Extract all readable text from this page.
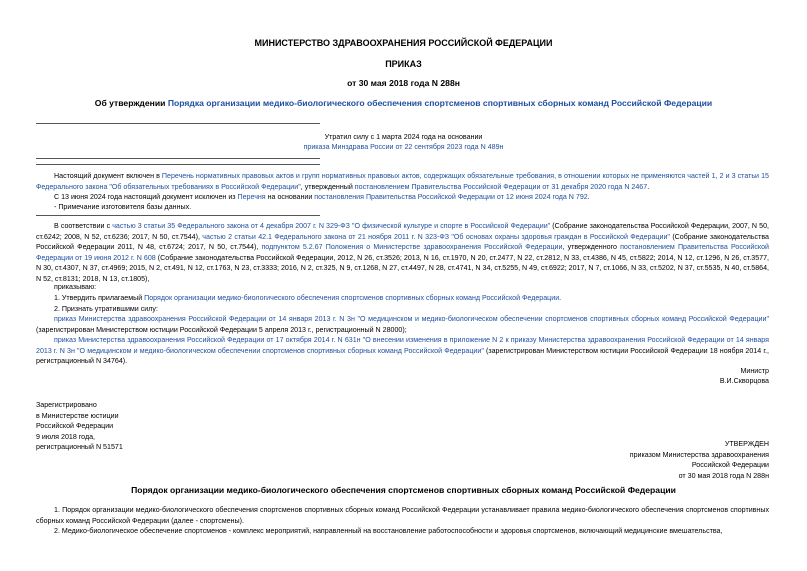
МИНИСТЕРСТВО ЗДРАВООХРАНЕНИЯ РОССИЙСКОЙ ФЕДЕРАЦИИ
ПРИКАЗ
от 30 мая 2018 года N 288н
Об утверждении Порядка организации медико-биологического обеспечения спортсменов спортивных сборных команд Российской Федерации
Утратил силу с 1 марта 2024 года на основании
приказа Минздрава России от 22 сентября 2023 года N 489н

Настоящий документ включен в Перечень нормативных правовых актов и групп нормативных правовых актов, содержащих обязательные требования, в отношении которых не применяются частей 1, 2 и 3 статьи 15 Федерального закона "Об обязательных требованиях в Российской Федерации", утвержденный постановлением Правительства Российской Федерации от 31 декабря 2020 года N 2467.

С 13 июня 2024 года настоящий документ исключен из Перечня на основании постановления Правительства Российской Федерации от 12 июня 2024 года N 792.

- Примечание изготовителя базы данных.

В соответствии с частью 3 статьи 35 Федерального закона от 4 декабря 2007 г. N 329-ФЗ "О физической культуре и спорте в Российской Федерации" (Собрание законодательства Российской Федерации, 2007, N 50, ст.6242; 2008, N 52, ст.6236; 2017, N 50, ст.7544), частью 2 статьи 42.1 Федерального закона от 21 ноября 2011 г. N 323-ФЗ "Об основах охраны здоровья граждан в Российской Федерации" (Собрание законодательства Российской Федерации 2011, N 48, ст.6724; 2017, N 50, ст.7544), подпунктом 5.2.67 Положения о Министерстве здравоохранения Российской Федерации, утвержденного постановлением Правительства Российской Федерации от 19 июня 2012 г. N 608 (Собрание законодательства Российской Федерации, 2012, N 26, ст.3526; 2013, N 16, ст.1970, N 20, ст.2477, N 22, ст.2812, N 33, ст.4386, N 45, ст.5822; 2014, N 12, ст.1296, N 26, ст.3577, N 30, ст.4307, N 37, ст.4969; 2015, N 2, ст.491, N 12, ст.1763, N 23, ст.3333; 2016, N 2, ст.325, N 9, ст.1268, N 27, ст.4497, N 28, ст.4741, N 34, ст.5255, N 49, ст.6922; 2017, N 7, ст.1066, N 33, ст.5202, N 37, ст.5535, N 40, ст.5864, N 52, ст.8131; 2018, N 13, ст.1805),

приказываю:

1. Утвердить прилагаемый Порядок организации медико-биологического обеспечения спортсменов спортивных сборных команд Российской Федерации.

2. Признать утратившими силу:

приказ Министерства здравоохранения Российской Федерации от 14 января 2013 г. N 3н "О медицинском и медико-биологическом обеспечении спортсменов спортивных сборных команд Российской Федерации" (зарегистрирован Министерством юстиции Российской Федерации 5 апреля 2013 г., регистрационный N 28000);

приказ Министерства здравоохранения Российской Федерации от 17 октября 2014 г. N 631н "О внесении изменения в приложение N 2 к приказу Министерства здравоохранения Российской Федерации от 14 января 2013 г. N 3н "О медицинском и медико-биологическом обеспечении спортсменов спортивных сборных команд Российской Федерации" (зарегистрирован Министерством юстиции Российской Федерации 18 ноября 2014 г., регистрационный N 34764).

Министр
В.И.Скворцова
Зарегистрировано
в Министерстве юстиции
Российской Федерации
9 июля 2018 года,
регистрационный N 51571	УТВЕРЖДЕН
приказом Министерства здравоохранения
Российской Федерации
от 30 мая 2018 года N 288н
Порядок организации медико-биологического обеспечения спортсменов спортивных сборных команд Российской Федерации

1. Порядок организации медико-биологического обеспечения спортсменов спортивных сборных команд Российской Федерации устанавливает правила медико-биологического обеспечения спортсменов спортивных сборных команд Российской Федерации (далее - спортсмены).

2. Медико-биологическое обеспечение спортсменов - комплекс мероприятий, направленный на восстановление работоспособности и здоровья спортсменов, включающий медицинские вмешательства,
